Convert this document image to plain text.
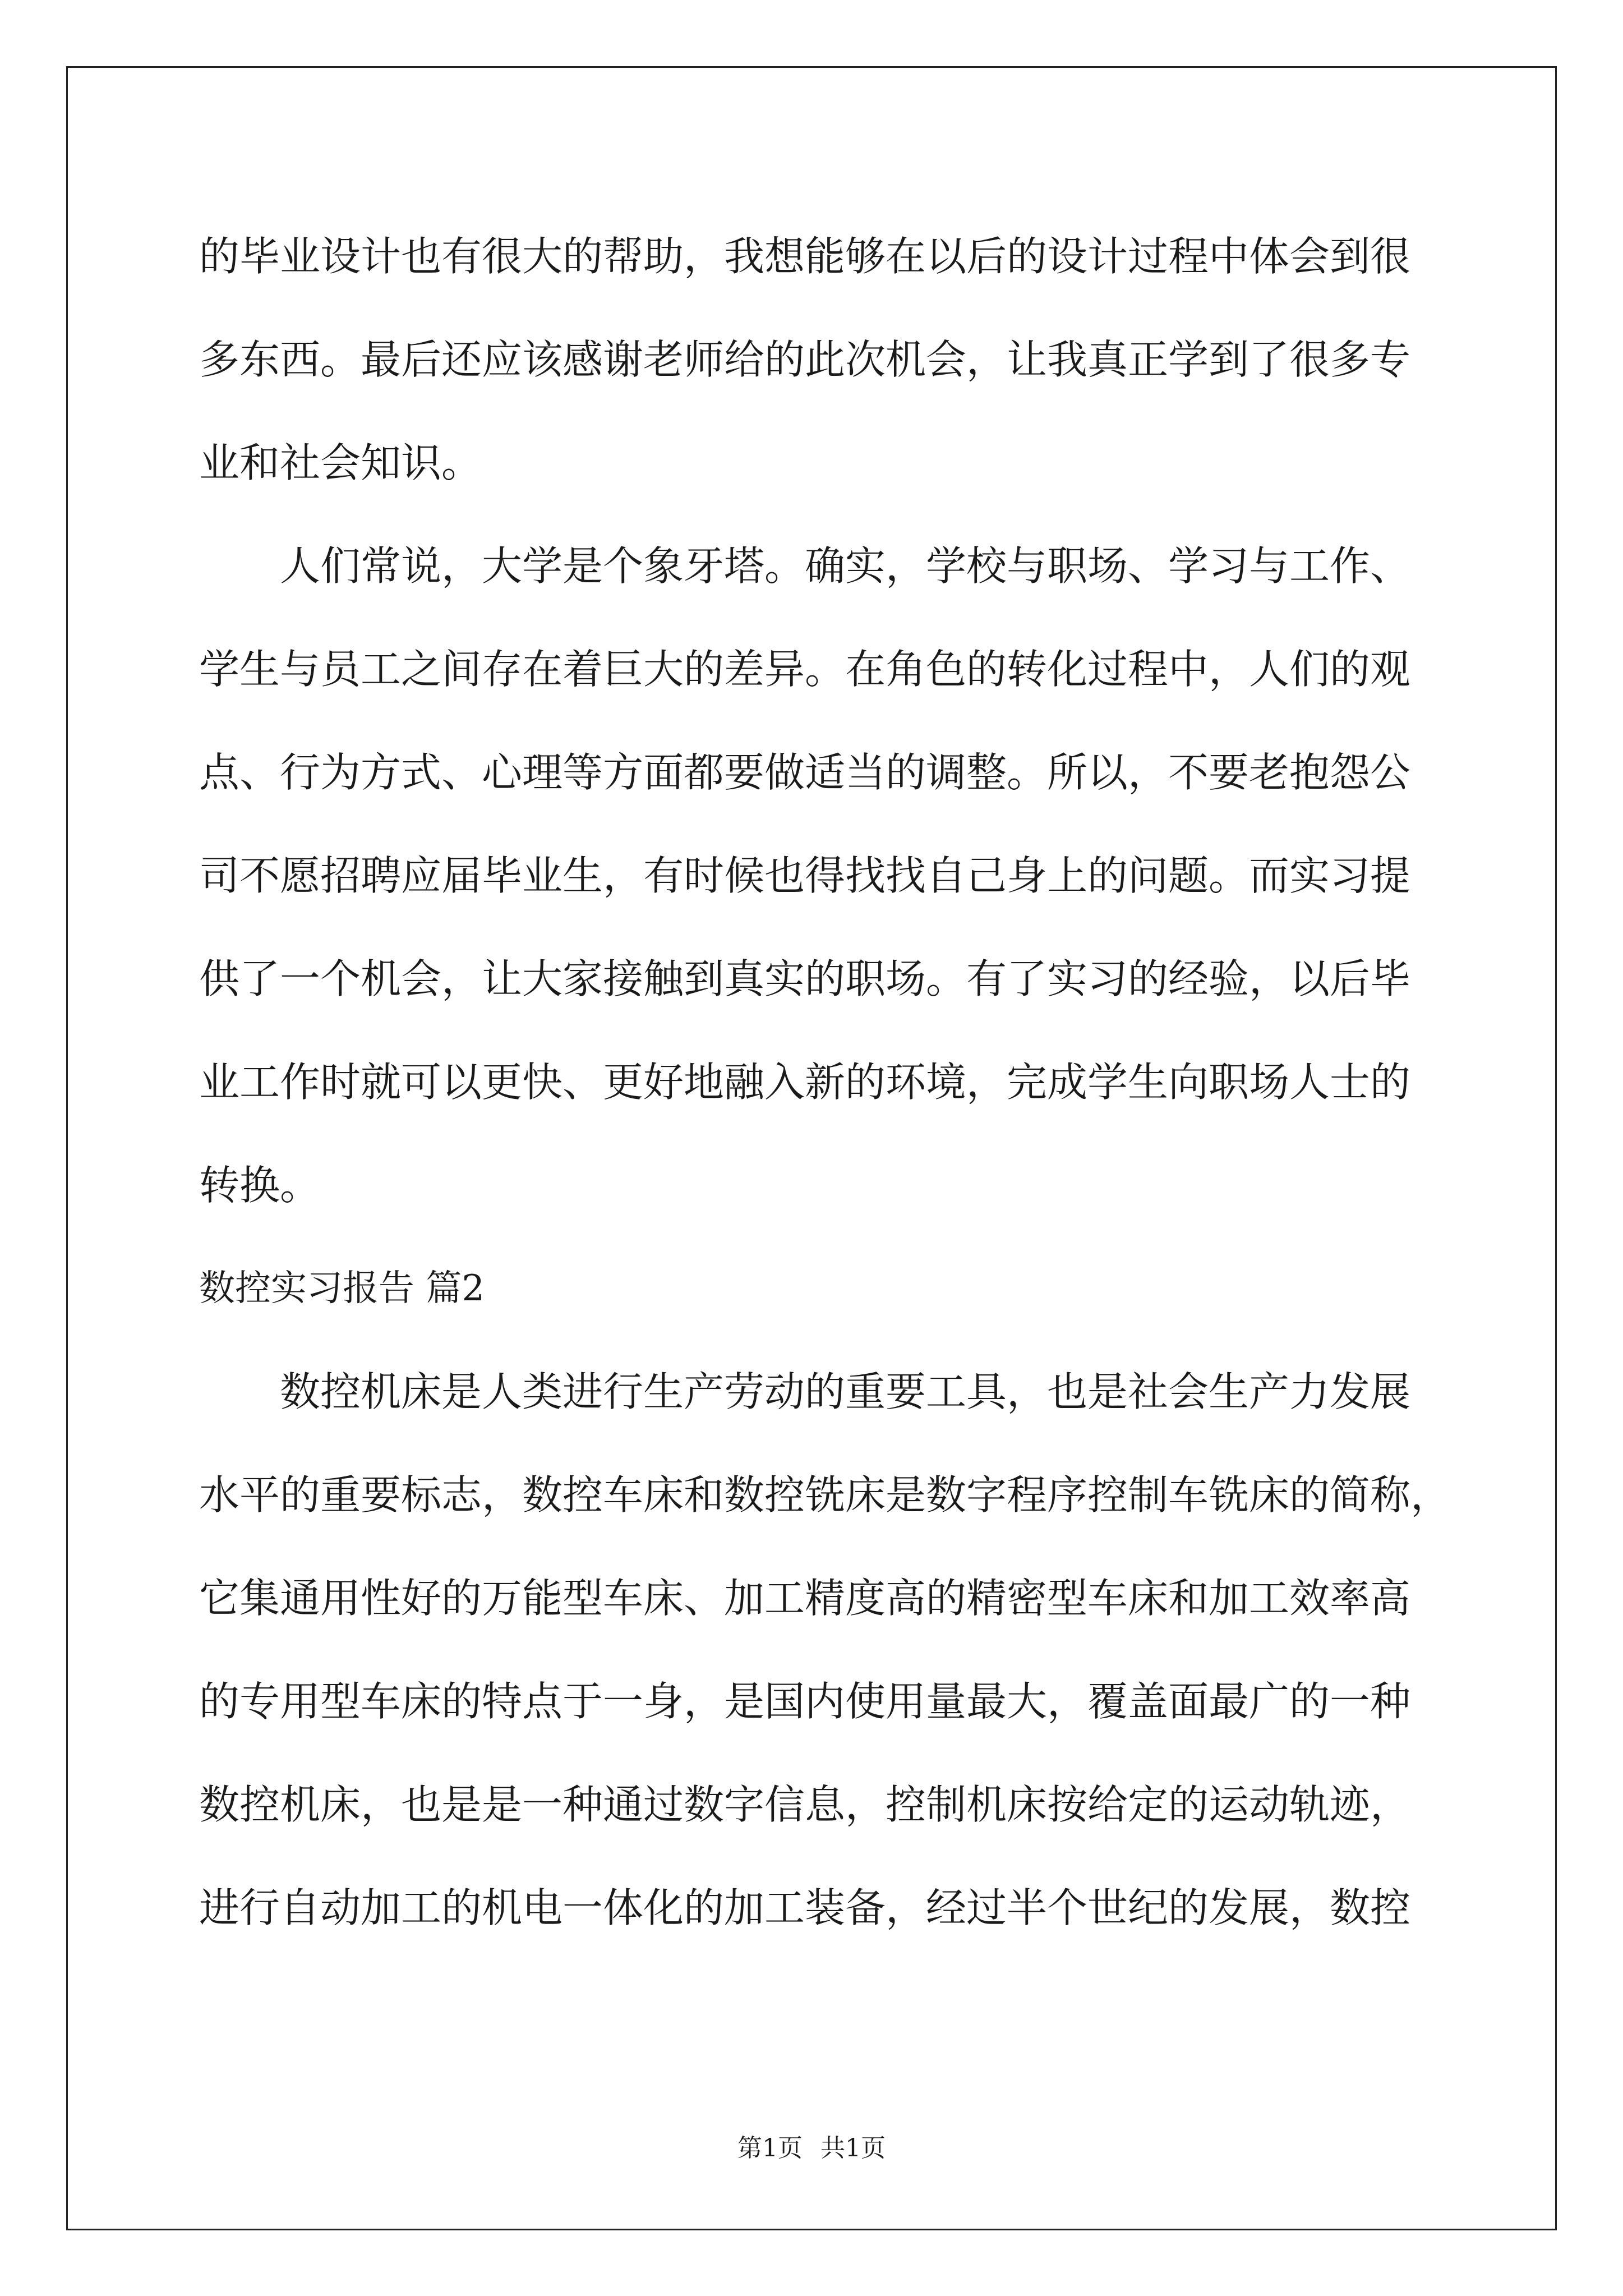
的毕业设计也有很大的帮助，我想能够在以后的设计过程中体会到很

多东西。最后还应该感谢老师给的此次机会，让我真正学到了很多专

业和社会知识。

人们常说，大学是个象牙塔。确实，学校与职场、学习与工作、

学生与员工之间存在着巨大的差异。在角色的转化过程中，人们的观

点、行为方式、心理等方面都要做适当的调整。所以，不要老抱怨公

司不愿招聘应届毕业生，有时候也得找找自己身上的问题。而实习提

供了一个机会，让大家接触到真实的职场。有了实习的经验，以后毕

业工作时就可以更快、更好地融入新的环境，完成学生向职场人士的

转换。

数控实习报告 篇2

数控机床是人类进行生产劳动的重要工具，也是社会生产力发展

水平的重要标志，数控车床和数控铣床是数字程序控制车铣床的简称，

它集通用性好的万能型车床、加工精度高的精密型车床和加工效率高

的专用型车床的特点于一身，是国内使用量最大，覆盖面最广的一种

数控机床，也是是一种通过数字信息，控制机床按给定的运动轨迹，

进行自动加工的机电一体化的加工装备，经过半个世纪的发展，数控

第1页 共1页
